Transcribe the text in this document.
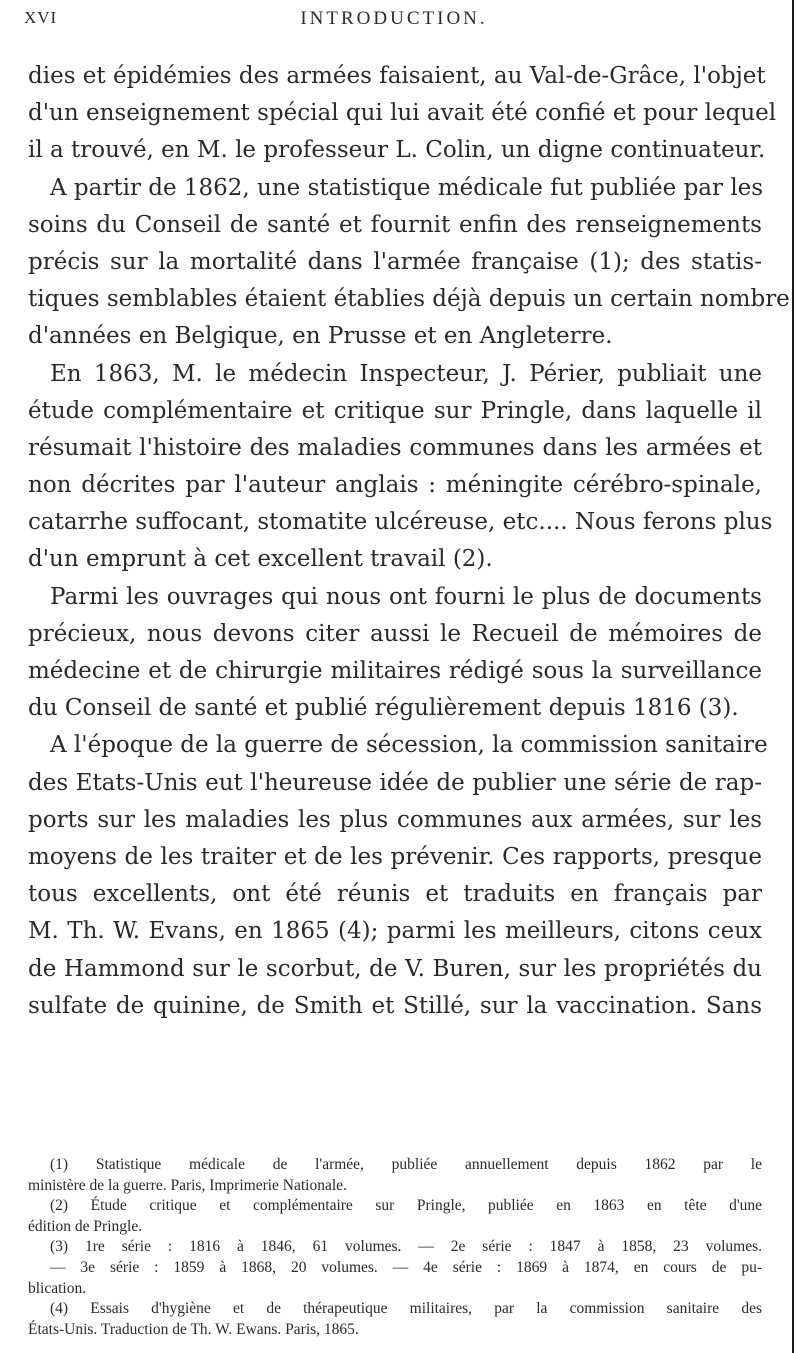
XVI	INTRODUCTION.
dies et épidémies des armées faisaient, au Val-de-Grâce, l'objet
d'un enseignement spécial qui lui avait été confié et pour lequel
il a trouvé, en M. le professeur L. Colin, un digne continuateur.
A partir de 1862, une statistique médicale fut publiée par les
soins du Conseil de santé et fournit enfin des renseignements
précis sur la mortalité dans l'armée française (1); des statis-
tiques semblables étaient établies déjà depuis un certain nombre
d'années en Belgique, en Prusse et en Angleterre.
En 1863, M. le médecin Inspecteur, J. Périer, publiait une
étude complémentaire et critique sur Pringle, dans laquelle il
résumait l'histoire des maladies communes dans les armées et
non décrites par l'auteur anglais : méningite cérébro-spinale,
catarrhe suffocant, stomatite ulcéreuse, etc.... Nous ferons plus
d'un emprunt à cet excellent travail (2).
Parmi les ouvrages qui nous ont fourni le plus de documents
précieux, nous devons citer aussi le Recueil de mémoires de
médecine et de chirurgie militaires rédigé sous la surveillance
du Conseil de santé et publié régulièrement depuis 1816 (3).
A l'époque de la guerre de sécession, la commission sanitaire
des Etats-Unis eut l'heureuse idée de publier une série de rap-
ports sur les maladies les plus communes aux armées, sur les
moyens de les traiter et de les prévenir. Ces rapports, presque
tous excellents, ont été réunis et traduits en français par
M. Th. W. Evans, en 1865 (4); parmi les meilleurs, citons ceux
de Hammond sur le scorbut, de V. Buren, sur les propriétés du
sulfate de quinine, de Smith et Stillé, sur la vaccination. Sans
(1) Statistique médicale de l'armée, publiée annuellement depuis 1862 par le
ministère de la guerre. Paris, Imprimerie Nationale.
(2) Étude critique et complémentaire sur Pringle, publiée en 1863 en tête d'une
édition de Pringle.
(3) 1re série : 1816 à 1846, 61 volumes. — 2e série : 1847 à 1858, 23 volumes.
— 3e série : 1859 à 1868, 20 volumes. — 4e série : 1869 à 1874, en cours de pu-
blication.
(4) Essais d'hygiène et de thérapeutique militaires, par la commission sanitaire des
États-Unis. Traduction de Th. W. Ewans. Paris, 1865.
